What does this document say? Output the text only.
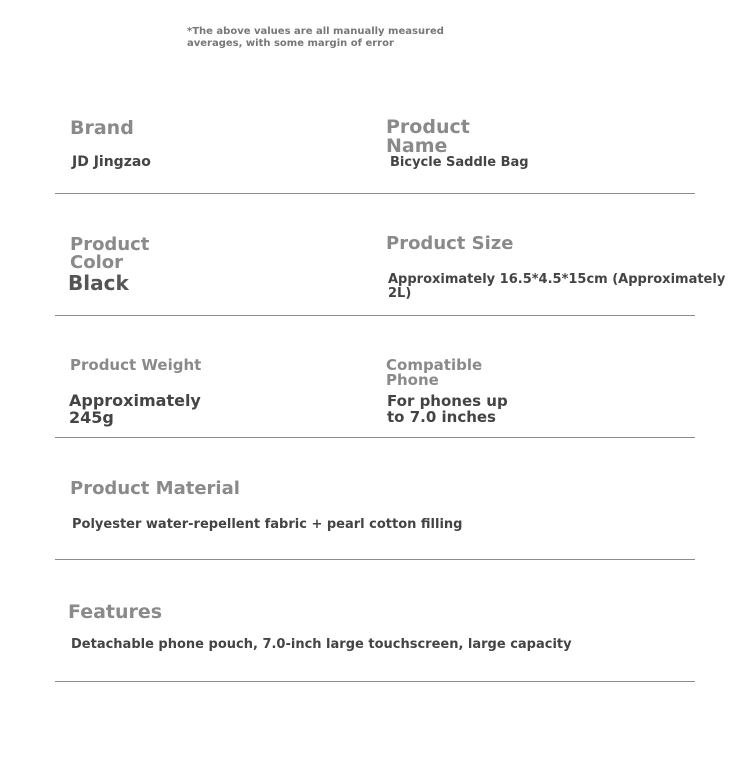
*The above values are all manually measured
averages, with some margin of error
Brand
JD Jingzao
Product
Name
Bicycle Saddle Bag
Product
Color
Black
Product Size
Approximately 16.5*4.5*15cm (Approximately 2L)
Product Weight
Approximately
245g
Compatible
Phone
For phones up
to 7.0 inches
Product Material
Polyester water-repellent fabric + pearl cotton filling
Features
Detachable phone pouch, 7.0-inch large touchscreen, large capacity
